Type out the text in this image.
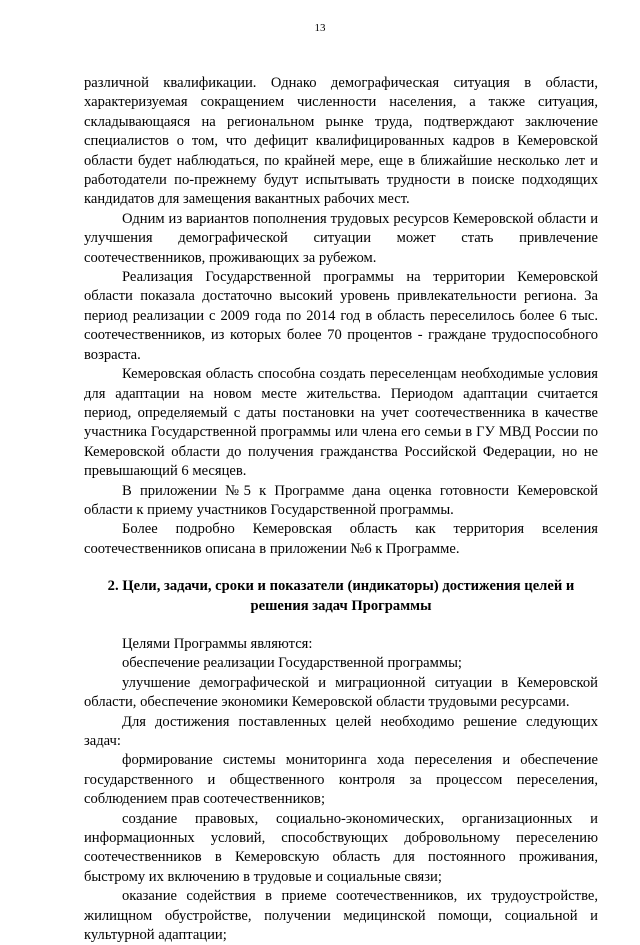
13

различной квалификации. Однако демографическая ситуация в области, характеризуемая сокращением численности населения, а также ситуация, складывающаяся на региональном рынке труда, подтверждают заключение специалистов о том, что дефицит квалифицированных кадров в Кемеровской области будет наблюдаться, по крайней мере, еще в ближайшие несколько лет и работодатели по-прежнему будут испытывать трудности в поиске подходящих кандидатов для замещения вакантных рабочих мест.

Одним из вариантов пополнения трудовых ресурсов Кемеровской области и улучшения демографической ситуации может стать привлечение соотечественников, проживающих за рубежом.

Реализация Государственной программы на территории Кемеровской области показала достаточно высокий уровень привлекательности региона. За период реализации с 2009 года по 2014 год в область переселилось более 6 тыс. соотечественников, из которых более 70 процентов - граждане трудоспособного возраста.

Кемеровская область способна создать переселенцам необходимые условия для адаптации на новом месте жительства. Периодом адаптации считается период, определяемый с даты постановки на учет соотечественника в качестве участника Государственной программы или члена его семьи в ГУ МВД России по Кемеровской области до получения гражданства Российской Федерации, но не превышающий 6 месяцев.

В приложении №5 к Программе дана оценка готовности Кемеровской области к приему участников Государственной программы.

Более подробно Кемеровская область как территория вселения соотечественников описана в приложении №6 к Программе.

2. Цели, задачи, сроки и показатели (индикаторы) достижения целей и решения задач Программы

Целями Программы являются:

обеспечение реализации Государственной программы;

улучшение демографической и миграционной ситуации в Кемеровской области, обеспечение экономики Кемеровской области трудовыми ресурсами.

Для достижения поставленных целей необходимо решение следующих задач:

формирование системы мониторинга хода переселения и обеспечение государственного и общественного контроля за процессом переселения, соблюдением прав соотечественников;

создание правовых, социально-экономических, организационных и информационных условий, способствующих добровольному переселению соотечественников в Кемеровскую область для постоянного проживания, быстрому их включению в трудовые и социальные связи;

оказание содействия в приеме соотечественников, их трудоустройстве, жилищном обустройстве, получении медицинской помощи, социальной и культурной адаптации;
